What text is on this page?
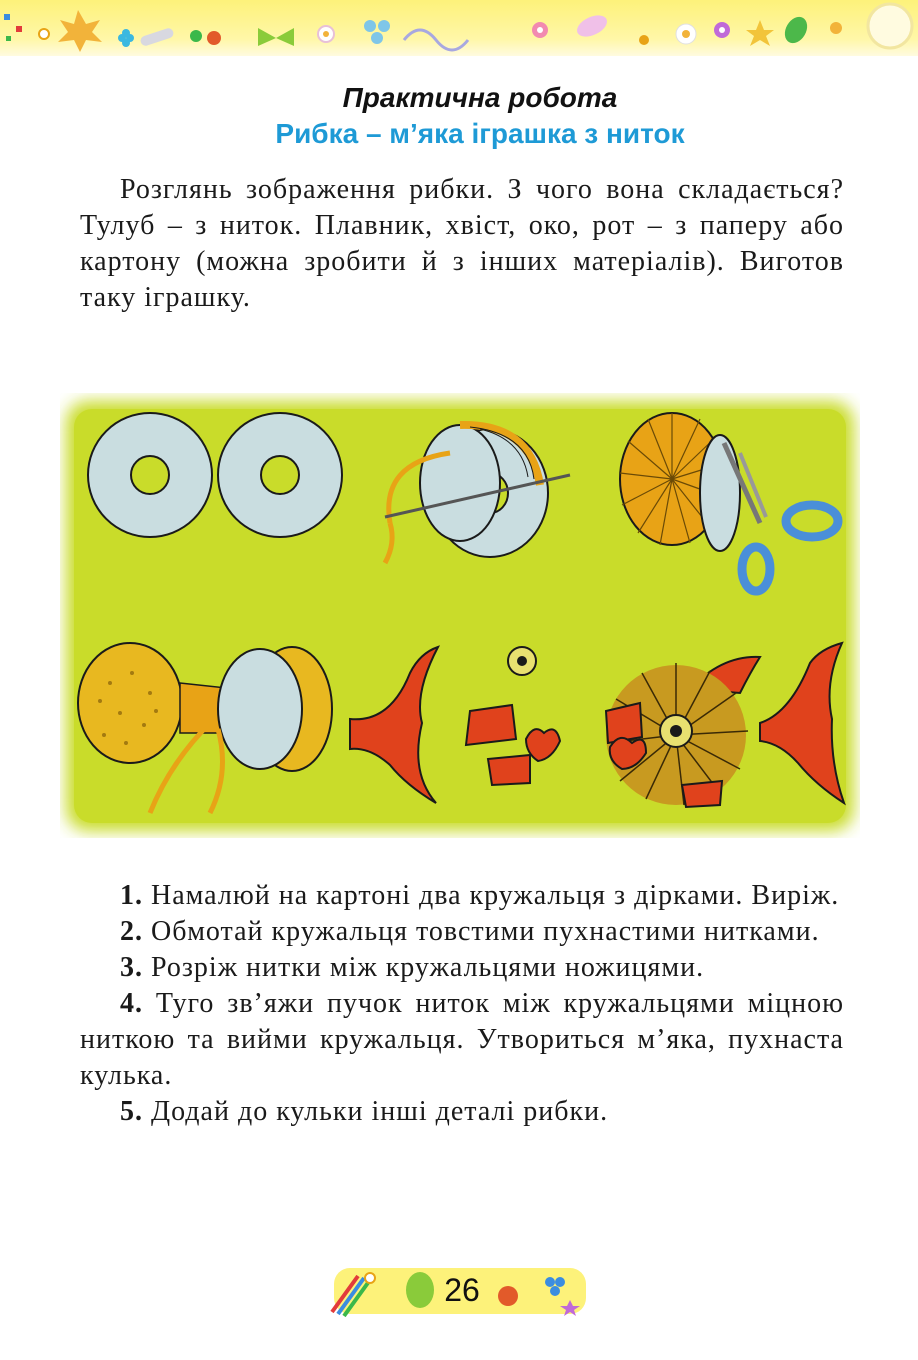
Практична робота
Рибка – м’яка іграшка з ниток
Розглянь зображення рибки. З чого вона складається? Тулуб – з ниток. Плавник, хвіст, око, рот – з паперу або картону (можна зробити й з інших матеріалів). Виготов таку іграшку.

1. Намалюй на картоні два кружальця з дірками. Виріж.

2. Обмотай кружальця товстими пухнастими нитками.

3. Розріж нитки між кружальцями ножицями.

4. Туго зв’яжи пучок ниток між кружальцями міцною ниткою та вийми кружальця. Утвориться м’яка, пухнаста кулька.

5. Додай до кульки інші деталі рибки.

26
